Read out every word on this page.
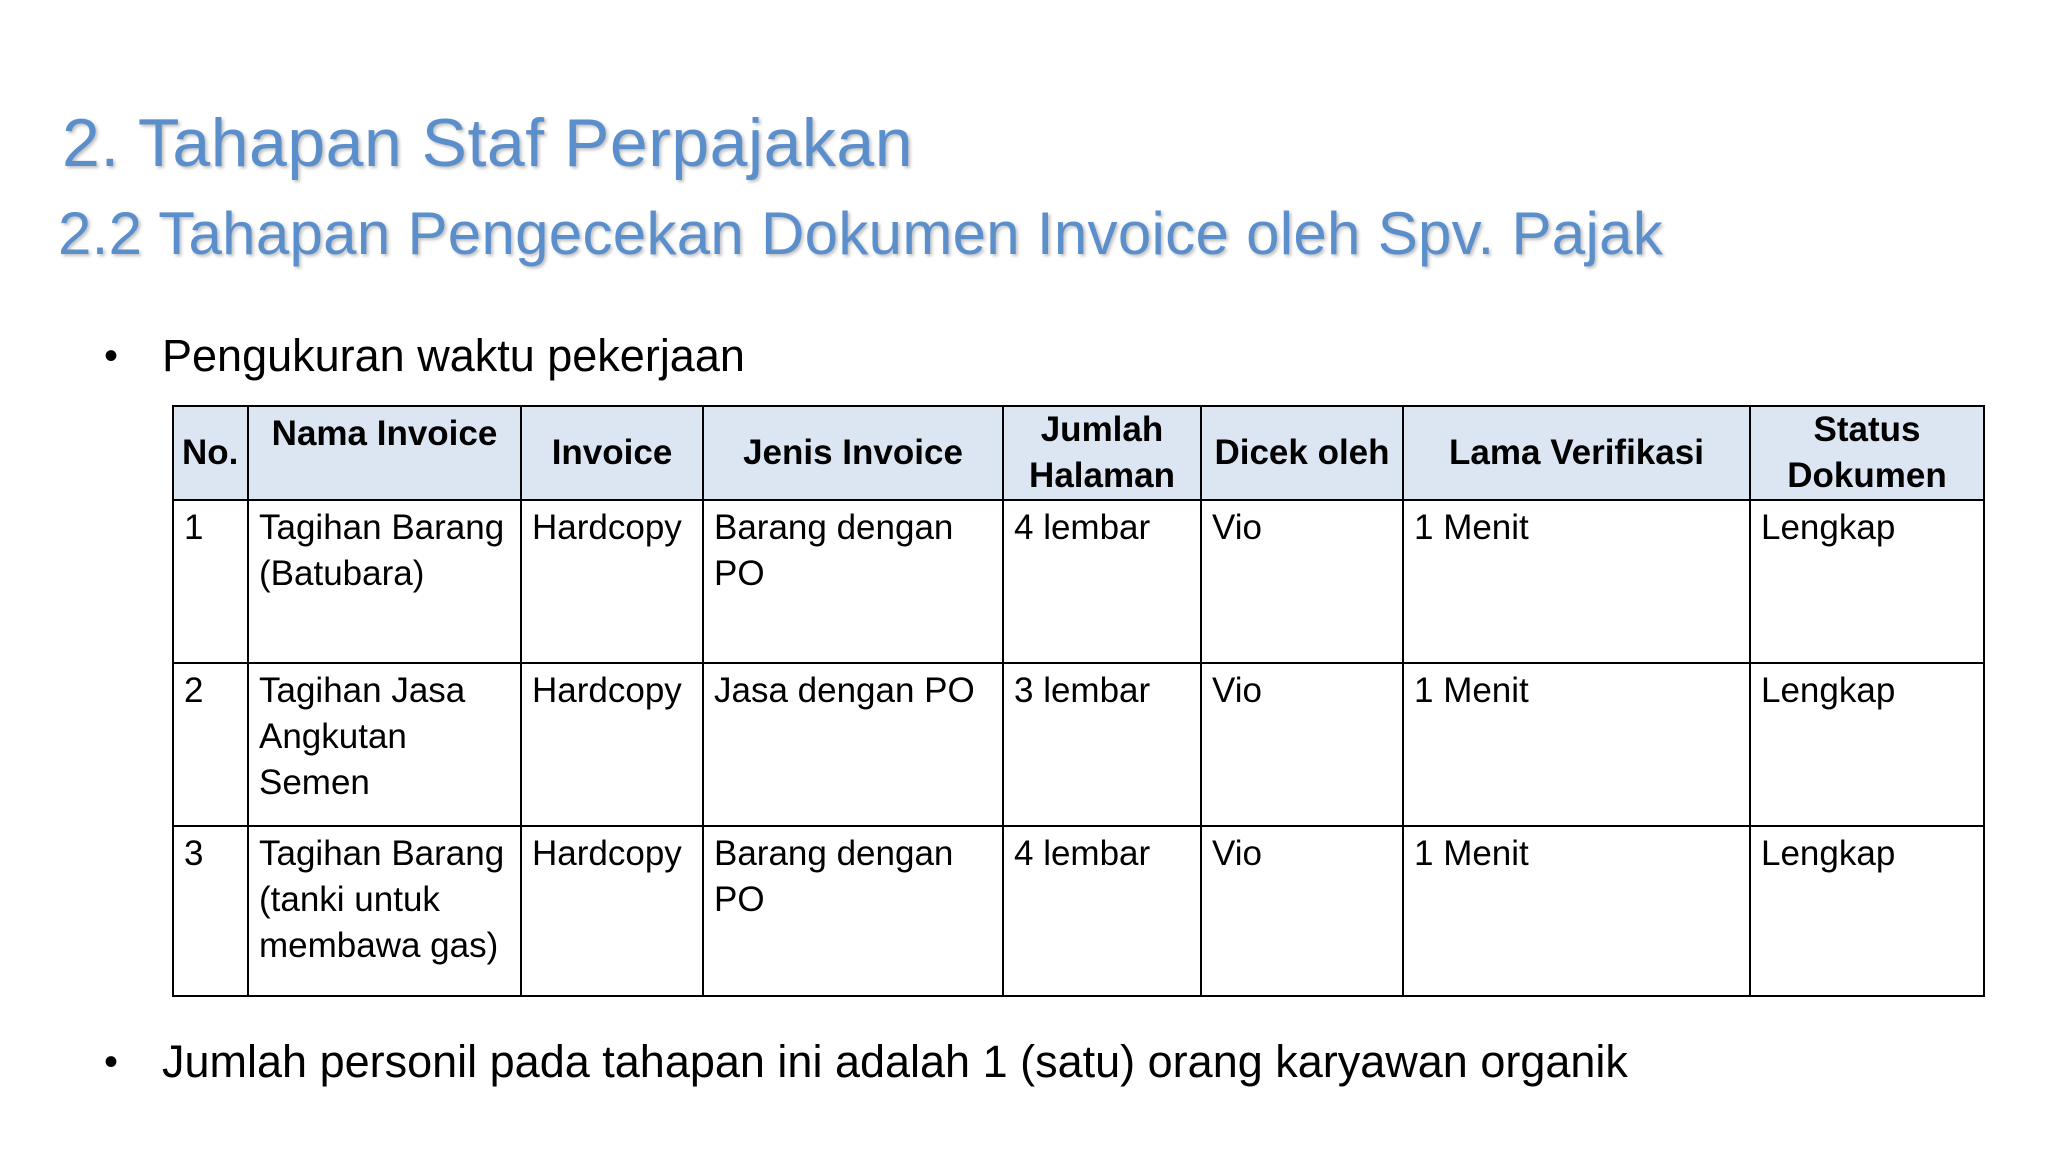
2. Tahapan Staf Perpajakan
2.2 Tahapan Pengecekan Dokumen Invoice oleh Spv. Pajak
• Pengukuran waktu pekerjaan
No.	Nama Invoice	Invoice	Jenis Invoice	Jumlah Halaman	Dicek oleh	Lama Verifikasi	Status Dokumen
1	Tagihan Barang (Batubara)	Hardcopy	Barang dengan PO	4 lembar	Vio	1 Menit	Lengkap
2	Tagihan Jasa Angkutan Semen	Hardcopy	Jasa dengan PO	3 lembar	Vio	1 Menit	Lengkap
3	Tagihan Barang (tanki untuk membawa gas)	Hardcopy	Barang dengan PO	4 lembar	Vio	1 Menit	Lengkap
• Jumlah personil pada tahapan ini adalah 1 (satu) orang karyawan organik
